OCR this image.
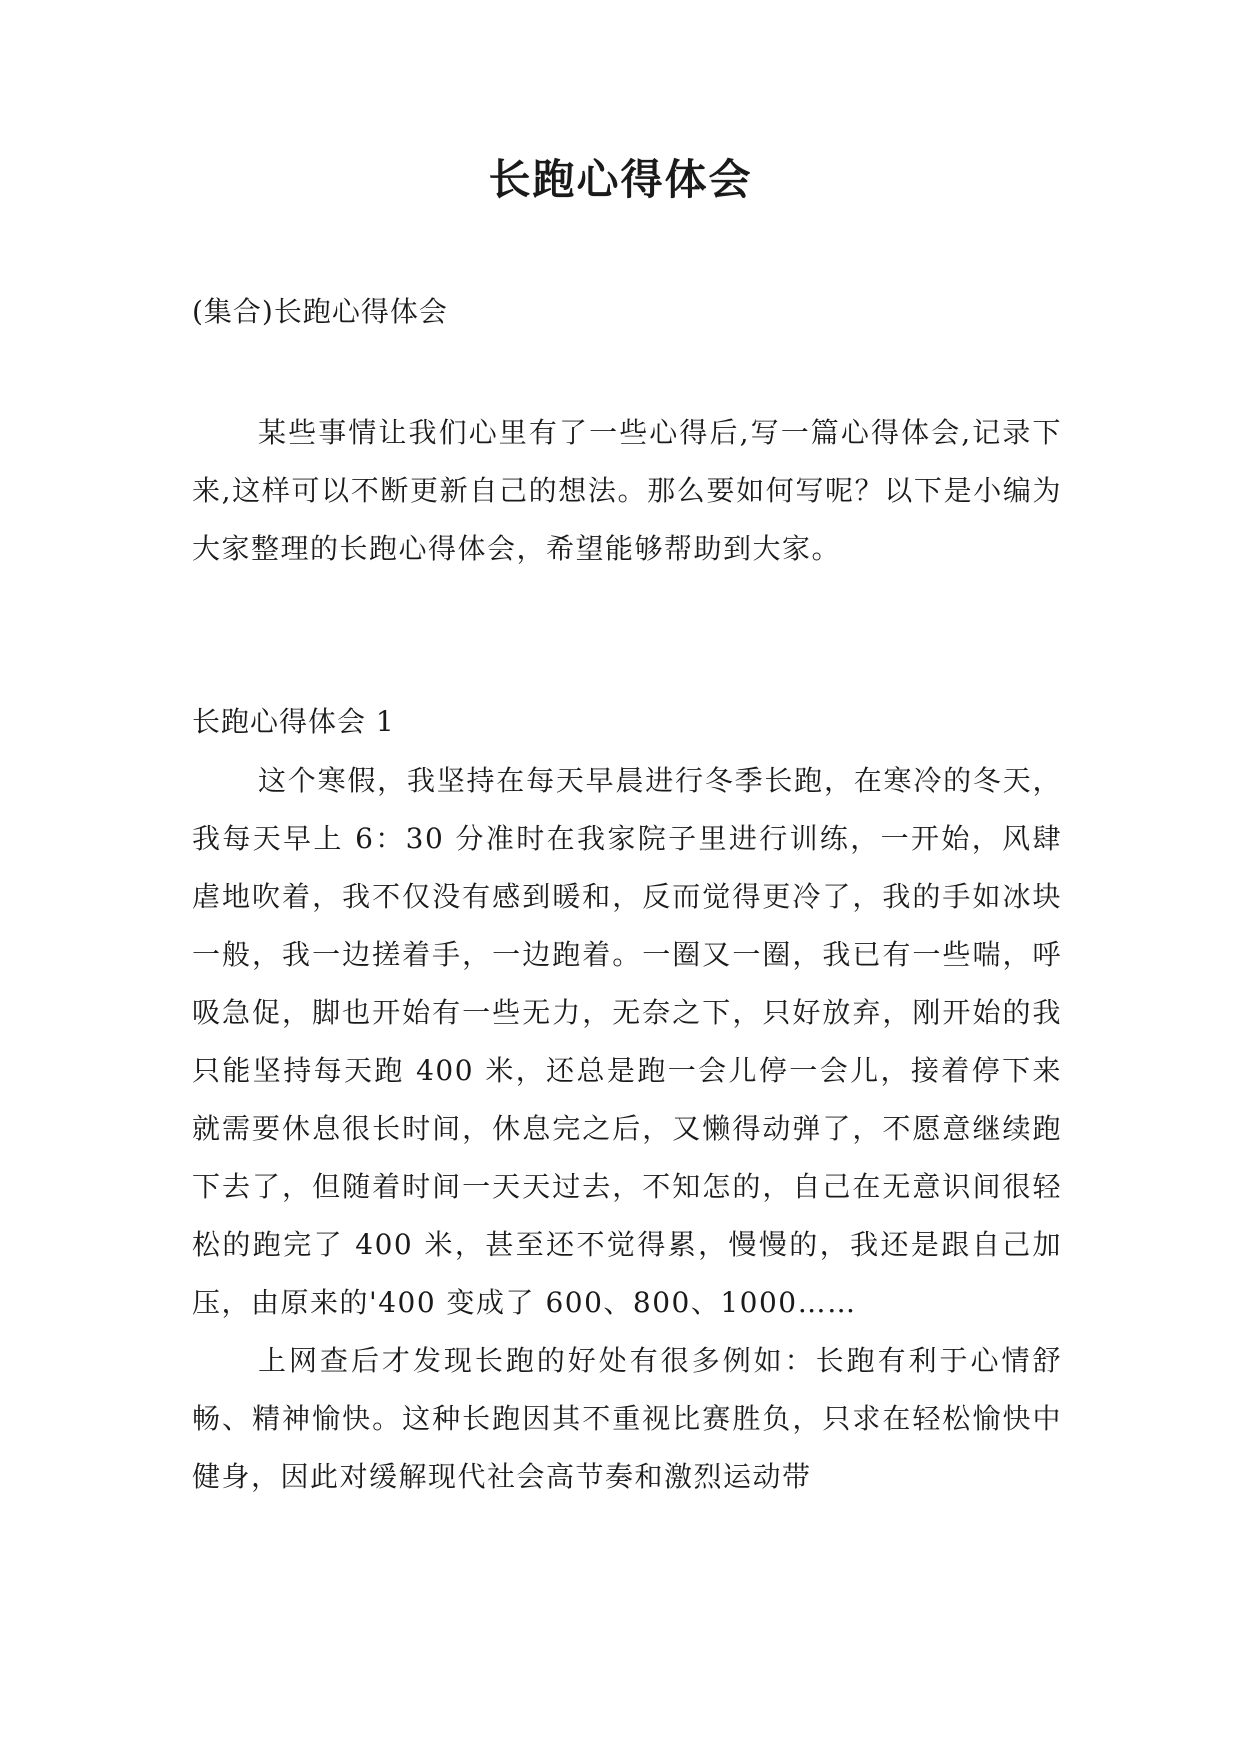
长跑心得体会
(集合)长跑心得体会

某些事情让我们心里有了一些心得后,写一篇心得体会,记录下来,这样可以不断更新自己的想法。那么要如何写呢？以下是小编为大家整理的长跑心得体会，希望能够帮助到大家。

长跑心得体会 1

这个寒假，我坚持在每天早晨进行冬季长跑，在寒冷的冬天，我每天早上 6：30 分准时在我家院子里进行训练，一开始，风肆虐地吹着，我不仅没有感到暖和，反而觉得更冷了，我的手如冰块一般，我一边搓着手，一边跑着。一圈又一圈，我已有一些喘，呼吸急促，脚也开始有一些无力，无奈之下，只好放弃，刚开始的我只能坚持每天跑 400 米，还总是跑一会儿停一会儿，接着停下来就需要休息很长时间，休息完之后，又懒得动弹了，不愿意继续跑下去了，但随着时间一天天过去，不知怎的，自己在无意识间很轻松的跑完了 400 米，甚至还不觉得累，慢慢的，我还是跟自己加压，由原来的'400 变成了 600、800、1000……

上网查后才发现长跑的好处有很多例如：长跑有利于心情舒畅、精神愉快。这种长跑因其不重视比赛胜负，只求在轻松愉快中健身，因此对缓解现代社会高节奏和激烈运动带
